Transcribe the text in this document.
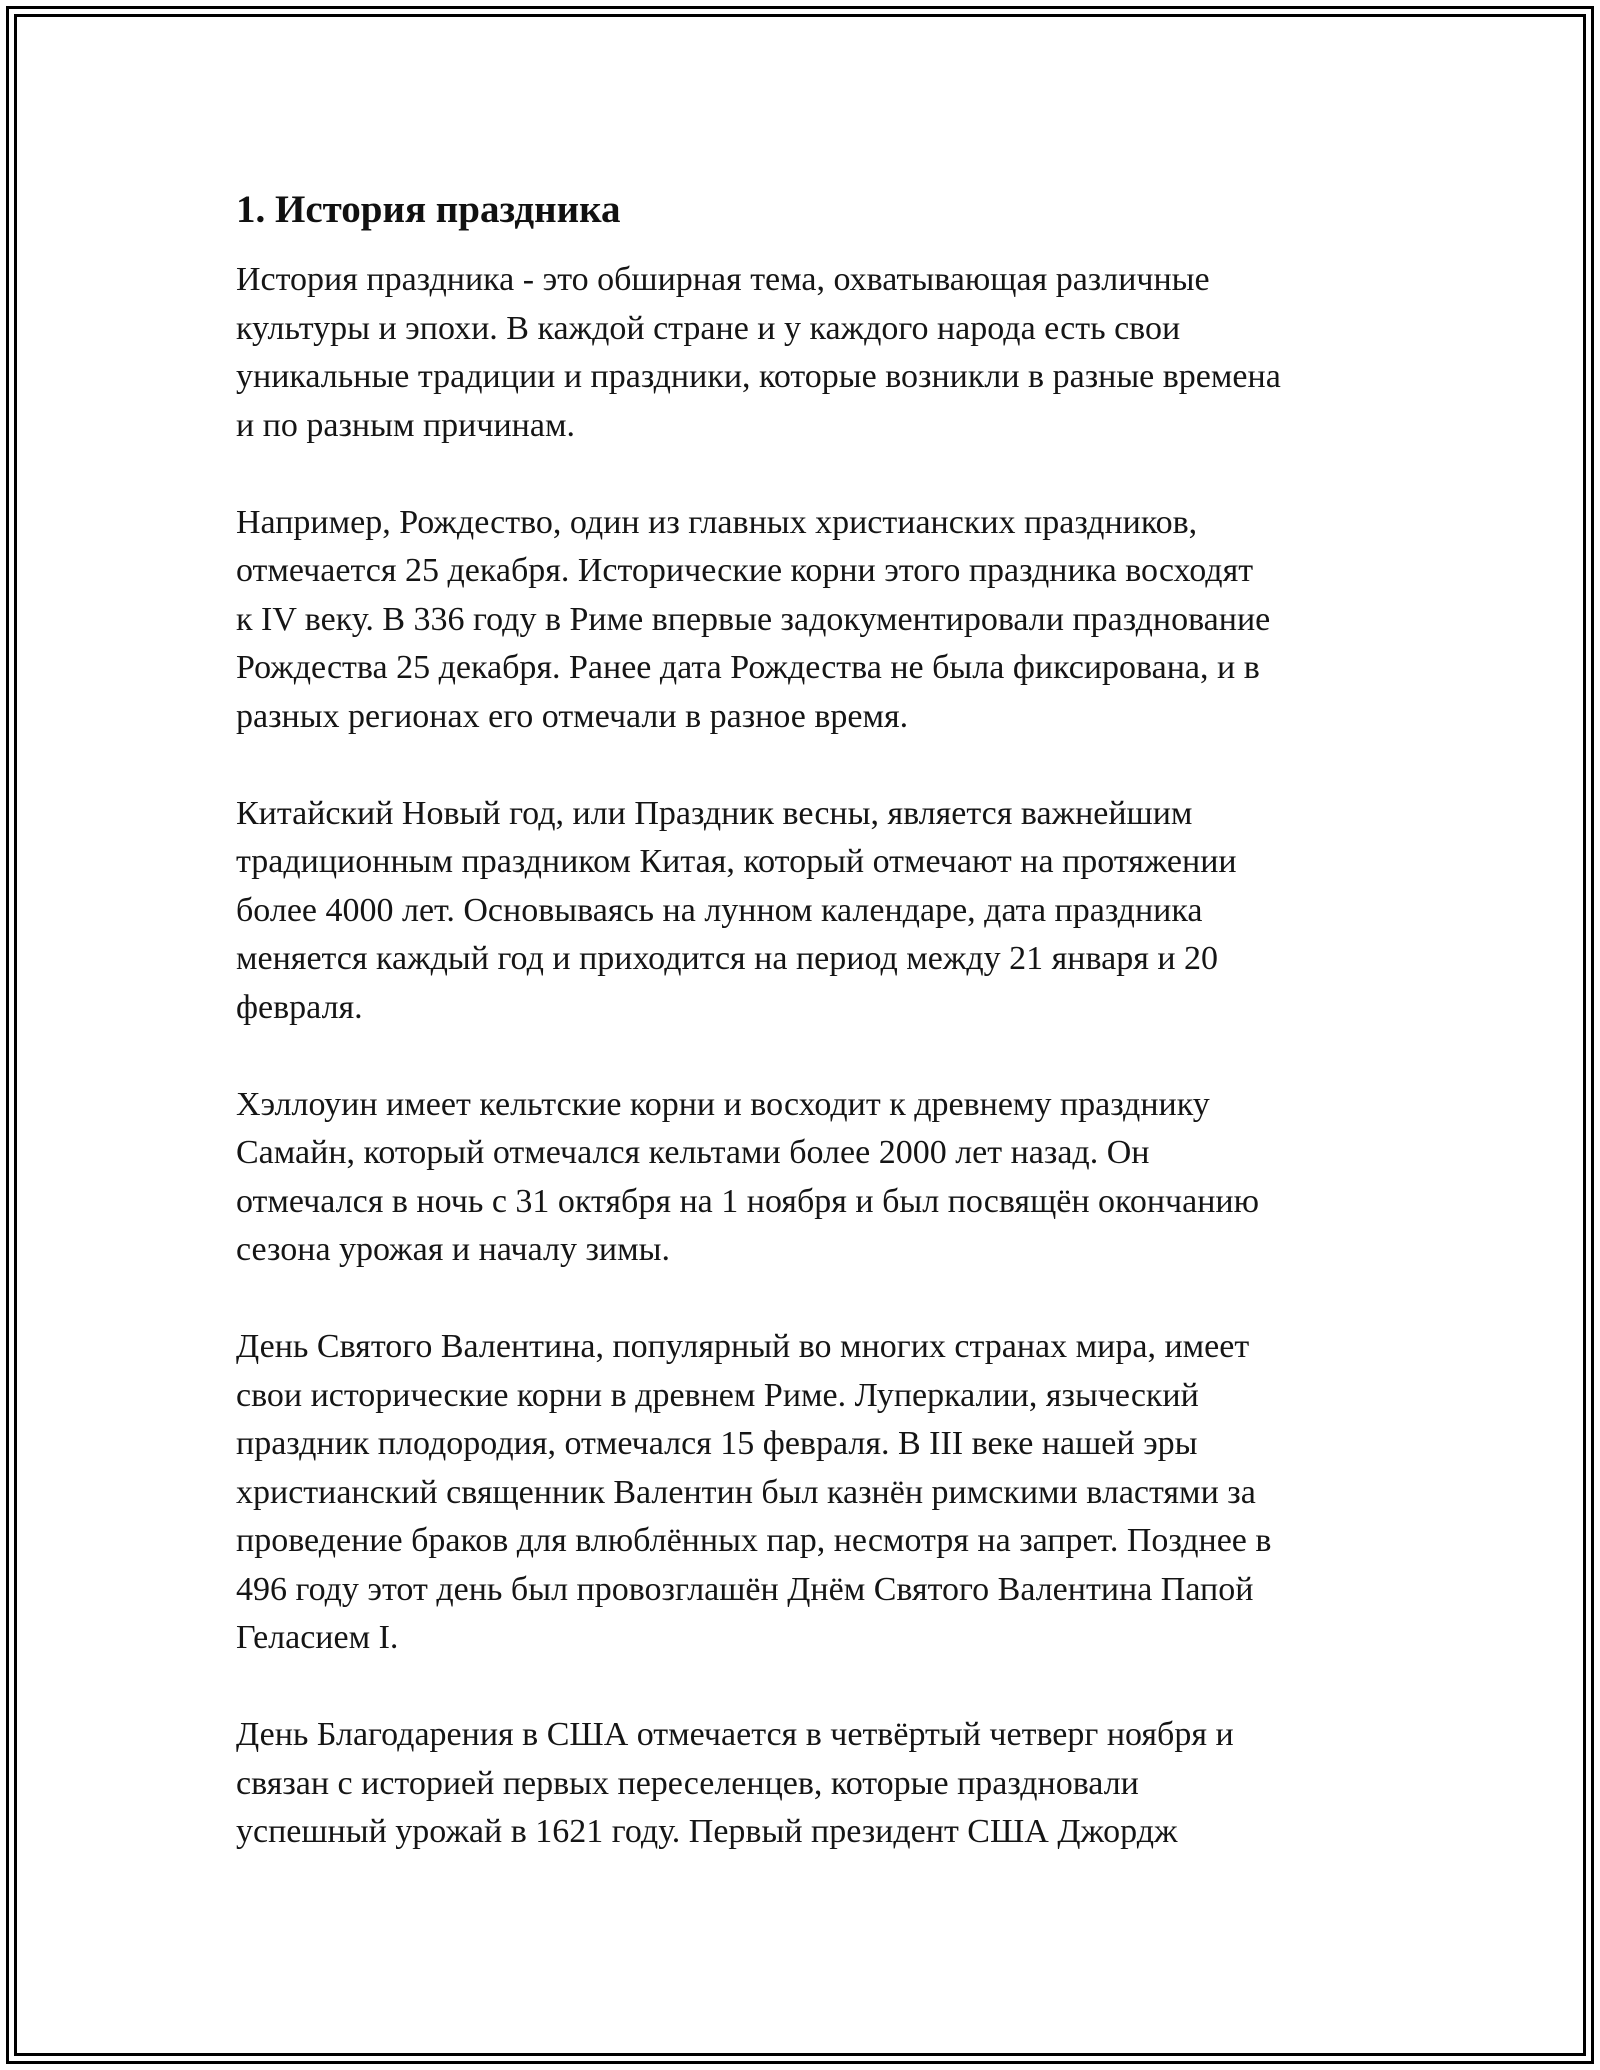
1. История праздника

История праздника - это обширная тема, охватывающая различные
культуры и эпохи. В каждой стране и у каждого народа есть свои
уникальные традиции и праздники, которые возникли в разные времена
и по разным причинам.

Например, Рождество, один из главных христианских праздников,
отмечается 25 декабря. Исторические корни этого праздника восходят
к IV веку. В 336 году в Риме впервые задокументировали празднование
Рождества 25 декабря. Ранее дата Рождества не была фиксирована, и в
разных регионах его отмечали в разное время.

Китайский Новый год, или Праздник весны, является важнейшим
традиционным праздником Китая, который отмечают на протяжении
более 4000 лет. Основываясь на лунном календаре, дата праздника
меняется каждый год и приходится на период между 21 января и 20
февраля.

Хэллоуин имеет кельтские корни и восходит к древнему празднику
Самайн, который отмечался кельтами более 2000 лет назад. Он
отмечался в ночь с 31 октября на 1 ноября и был посвящён окончанию
сезона урожая и началу зимы.

День Святого Валентина, популярный во многих странах мира, имеет
свои исторические корни в древнем Риме. Луперкалии, языческий
праздник плодородия, отмечался 15 февраля. В III веке нашей эры
христианский священник Валентин был казнён римскими властями за
проведение браков для влюблённых пар, несмотря на запрет. Позднее в
496 году этот день был провозглашён Днём Святого Валентина Папой
Геласием I.

День Благодарения в США отмечается в четвёртый четверг ноября и
связан с историей первых переселенцев, которые праздновали
успешный урожай в 1621 году. Первый президент США Джордж
